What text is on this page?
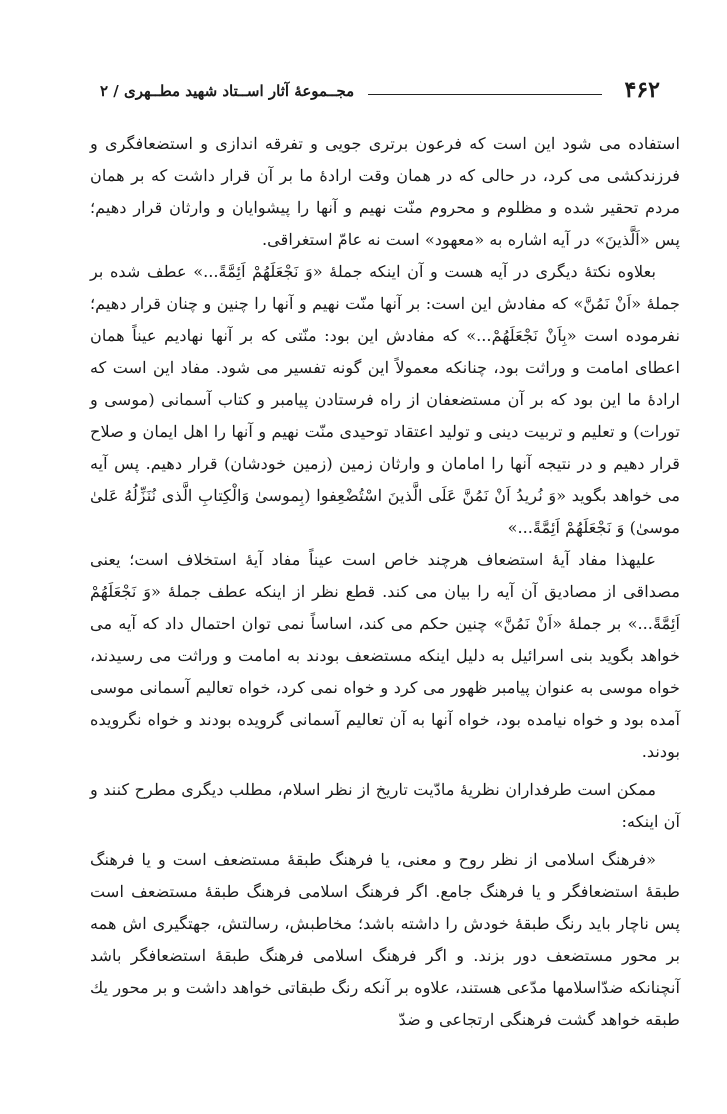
۴۶۲
مجــموعهٔ آثار اســتاد شهید مطــهری / ۲

استفاده می شود این است که فرعون برتری جویی و تفرقه اندازی و استضعافگری و فرزندکشی می کرد، در حالی که در همان وقت ارادهٔ ما بر آن قرار داشت که بر همان مردم تحقیر شده و مظلوم و محروم منّت نهیم و آنها را پیشوایان و وارثان قرار دهیم؛ پس «اَلَّذینَ» در آیه اشاره به «معهود» است نه عامّ استغراقی.

بعلاوه نکتهٔ دیگری در آیه هست و آن اینکه جملهٔ «وَ نَجْعَلَهُمْ اَئِمَّةً...» عطف شده بر جملهٔ «اَنْ نَمُنَّ» که مفادش این است: بر آنها منّت نهیم و آنها را چنین و چنان قرار دهیم؛ نفرموده است «بِاَنْ نَجْعَلَهُمْ...» که مفادش این بود: منّتی که بر آنها نهادیم عیناً همان اعطای امامت و وراثت بود، چنانکه معمولاً این گونه تفسیر می شود. مفاد این است که ارادهٔ ما این بود که بر آن مستضعفان از راه فرستادن پیامبر و کتاب آسمانی (موسی و تورات) و تعلیم و تربیت دینی و تولید اعتقاد توحیدی منّت نهیم و آنها را اهل ایمان و صلاح قرار دهیم و در نتیجه آنها را امامان و وارثان زمین (زمین خودشان) قرار دهیم. پس آیه می خواهد بگوید «وَ نُریدُ اَنْ نَمُنَّ عَلَی الَّذینَ اسْتُضْعِفوا (بِموسیٰ وَالْکِتابِ الَّذی نُنَزِّلُهُ عَلیٰ موسیٰ) وَ نَجْعَلَهُمْ اَئِمَّةً...»

علیهذا مفاد آیهٔ استضعاف هرچند خاص است عیناً مفاد آیهٔ استخلاف است؛ یعنی مصداقی از مصادیق آن آیه را بیان می کند. قطع نظر از اینکه عطف جملهٔ «وَ نَجْعَلَهُمْ اَئِمَّةً...» بر جملهٔ «اَنْ نَمُنَّ» چنین حکم می کند، اساساً نمی توان احتمال داد که آیه می خواهد بگوید بنی اسرائیل به دلیل اینکه مستضعف بودند به امامت و وراثت می رسیدند، خواه موسی به عنوان پیامبر ظهور می کرد و خواه نمی کرد، خواه تعالیم آسمانی موسی آمده بود و خواه نیامده بود، خواه آنها به آن تعالیم آسمانی گرویده بودند و خواه نگرویده بودند.

ممکن است طرفداران نظریهٔ مادّیت تاریخ از نظر اسلام، مطلب دیگری مطرح کنند و آن اینکه:

«فرهنگ اسلامی از نظر روح و معنی، یا فرهنگ طبقهٔ مستضعف است و یا فرهنگ طبقهٔ استضعافگر و یا فرهنگ جامع. اگر فرهنگ اسلامی فرهنگ طبقهٔ مستضعف است پس ناچار باید رنگ طبقهٔ خودش را داشته باشد؛ مخاطبش، رسالتش، جهتگیری اش همه بر محور مستضعف دور بزند. و اگر فرهنگ اسلامی فرهنگ طبقهٔ استضعافگر باشد آنچنانکه ضدّاسلامها مدّعی هستند، علاوه بر آنکه رنگ طبقاتی خواهد داشت و بر محور یك طبقه خواهد گشت فرهنگی ارتجاعی و ضدّ
